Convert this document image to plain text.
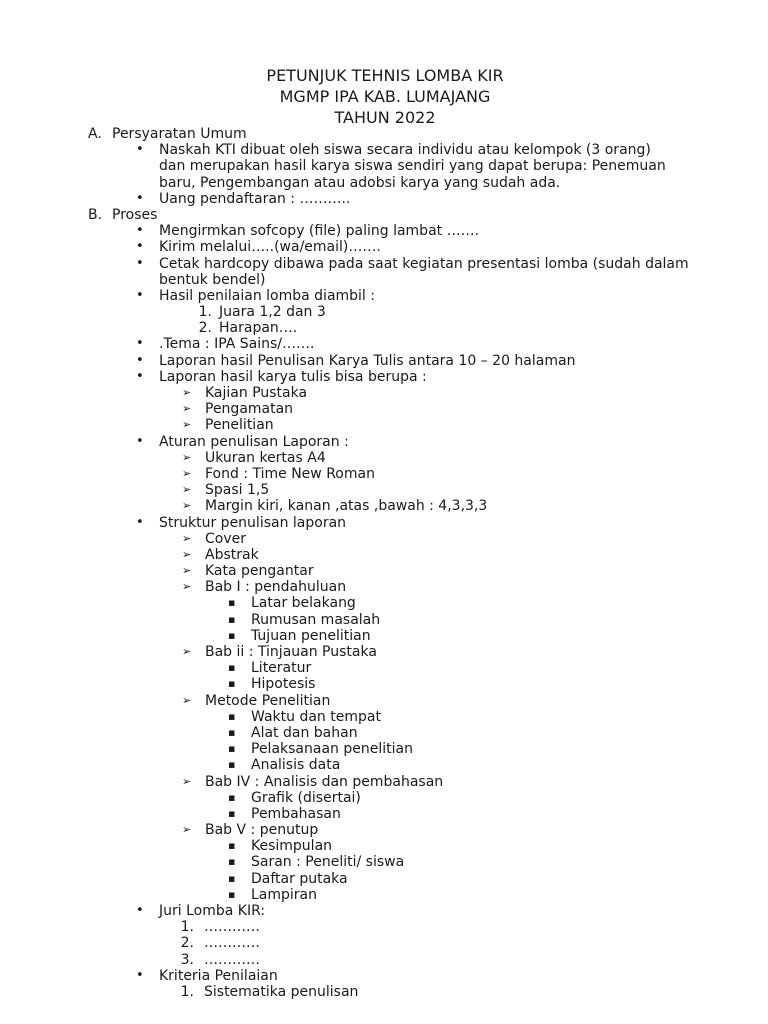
PETUNJUK TEHNIS LOMBA KIR
MGMP IPA KAB. LUMAJANG
TAHUN 2022
A. Persyaratan Umum
• Naskah KTI dibuat oleh siswa secara individu atau kelompok (3 orang)
dan merupakan hasil karya siswa sendiri yang dapat berupa: Penemuan
baru, Pengembangan atau adobsi karya yang sudah ada.
• Uang pendaftaran : ………..
B. Proses
• Mengirmkan sofcopy (file) paling lambat …….
• Kirim melalui…..(wa/email)…….
• Cetak hardcopy dibawa pada saat kegiatan presentasi lomba (sudah dalam
bentuk bendel)
• Hasil penilaian lomba diambil :
1. Juara 1,2 dan 3
2. Harapan….
• .Tema : IPA Sains/…….
• Laporan hasil Penulisan Karya Tulis antara 10 – 20 halaman
• Laporan hasil karya tulis bisa berupa :
➢ Kajian Pustaka
➢ Pengamatan
➢ Penelitian
• Aturan penulisan Laporan :
➢ Ukuran kertas A4
➢ Fond : Time New Roman
➢ Spasi 1,5
➢ Margin kiri, kanan ,atas ,bawah : 4,3,3,3
• Struktur penulisan laporan
➢ Cover
➢ Abstrak
➢ Kata pengantar
➢ Bab I : pendahuluan
▪ Latar belakang
▪ Rumusan masalah
▪ Tujuan penelitian
➢ Bab ii : Tinjauan Pustaka
▪ Literatur
▪ Hipotesis
➢ Metode Penelitian
▪ Waktu dan tempat
▪ Alat dan bahan
▪ Pelaksanaan penelitian
▪ Analisis data
➢ Bab IV : Analisis dan pembahasan
▪ Grafik (disertai)
▪ Pembahasan
➢ Bab V : penutup
▪ Kesimpulan
▪ Saran : Peneliti/ siswa
▪ Daftar putaka
▪ Lampiran
• Juri Lomba KIR:
1. …………
2. …………
3. …………
• Kriteria Penilaian
1. Sistematika penulisan
